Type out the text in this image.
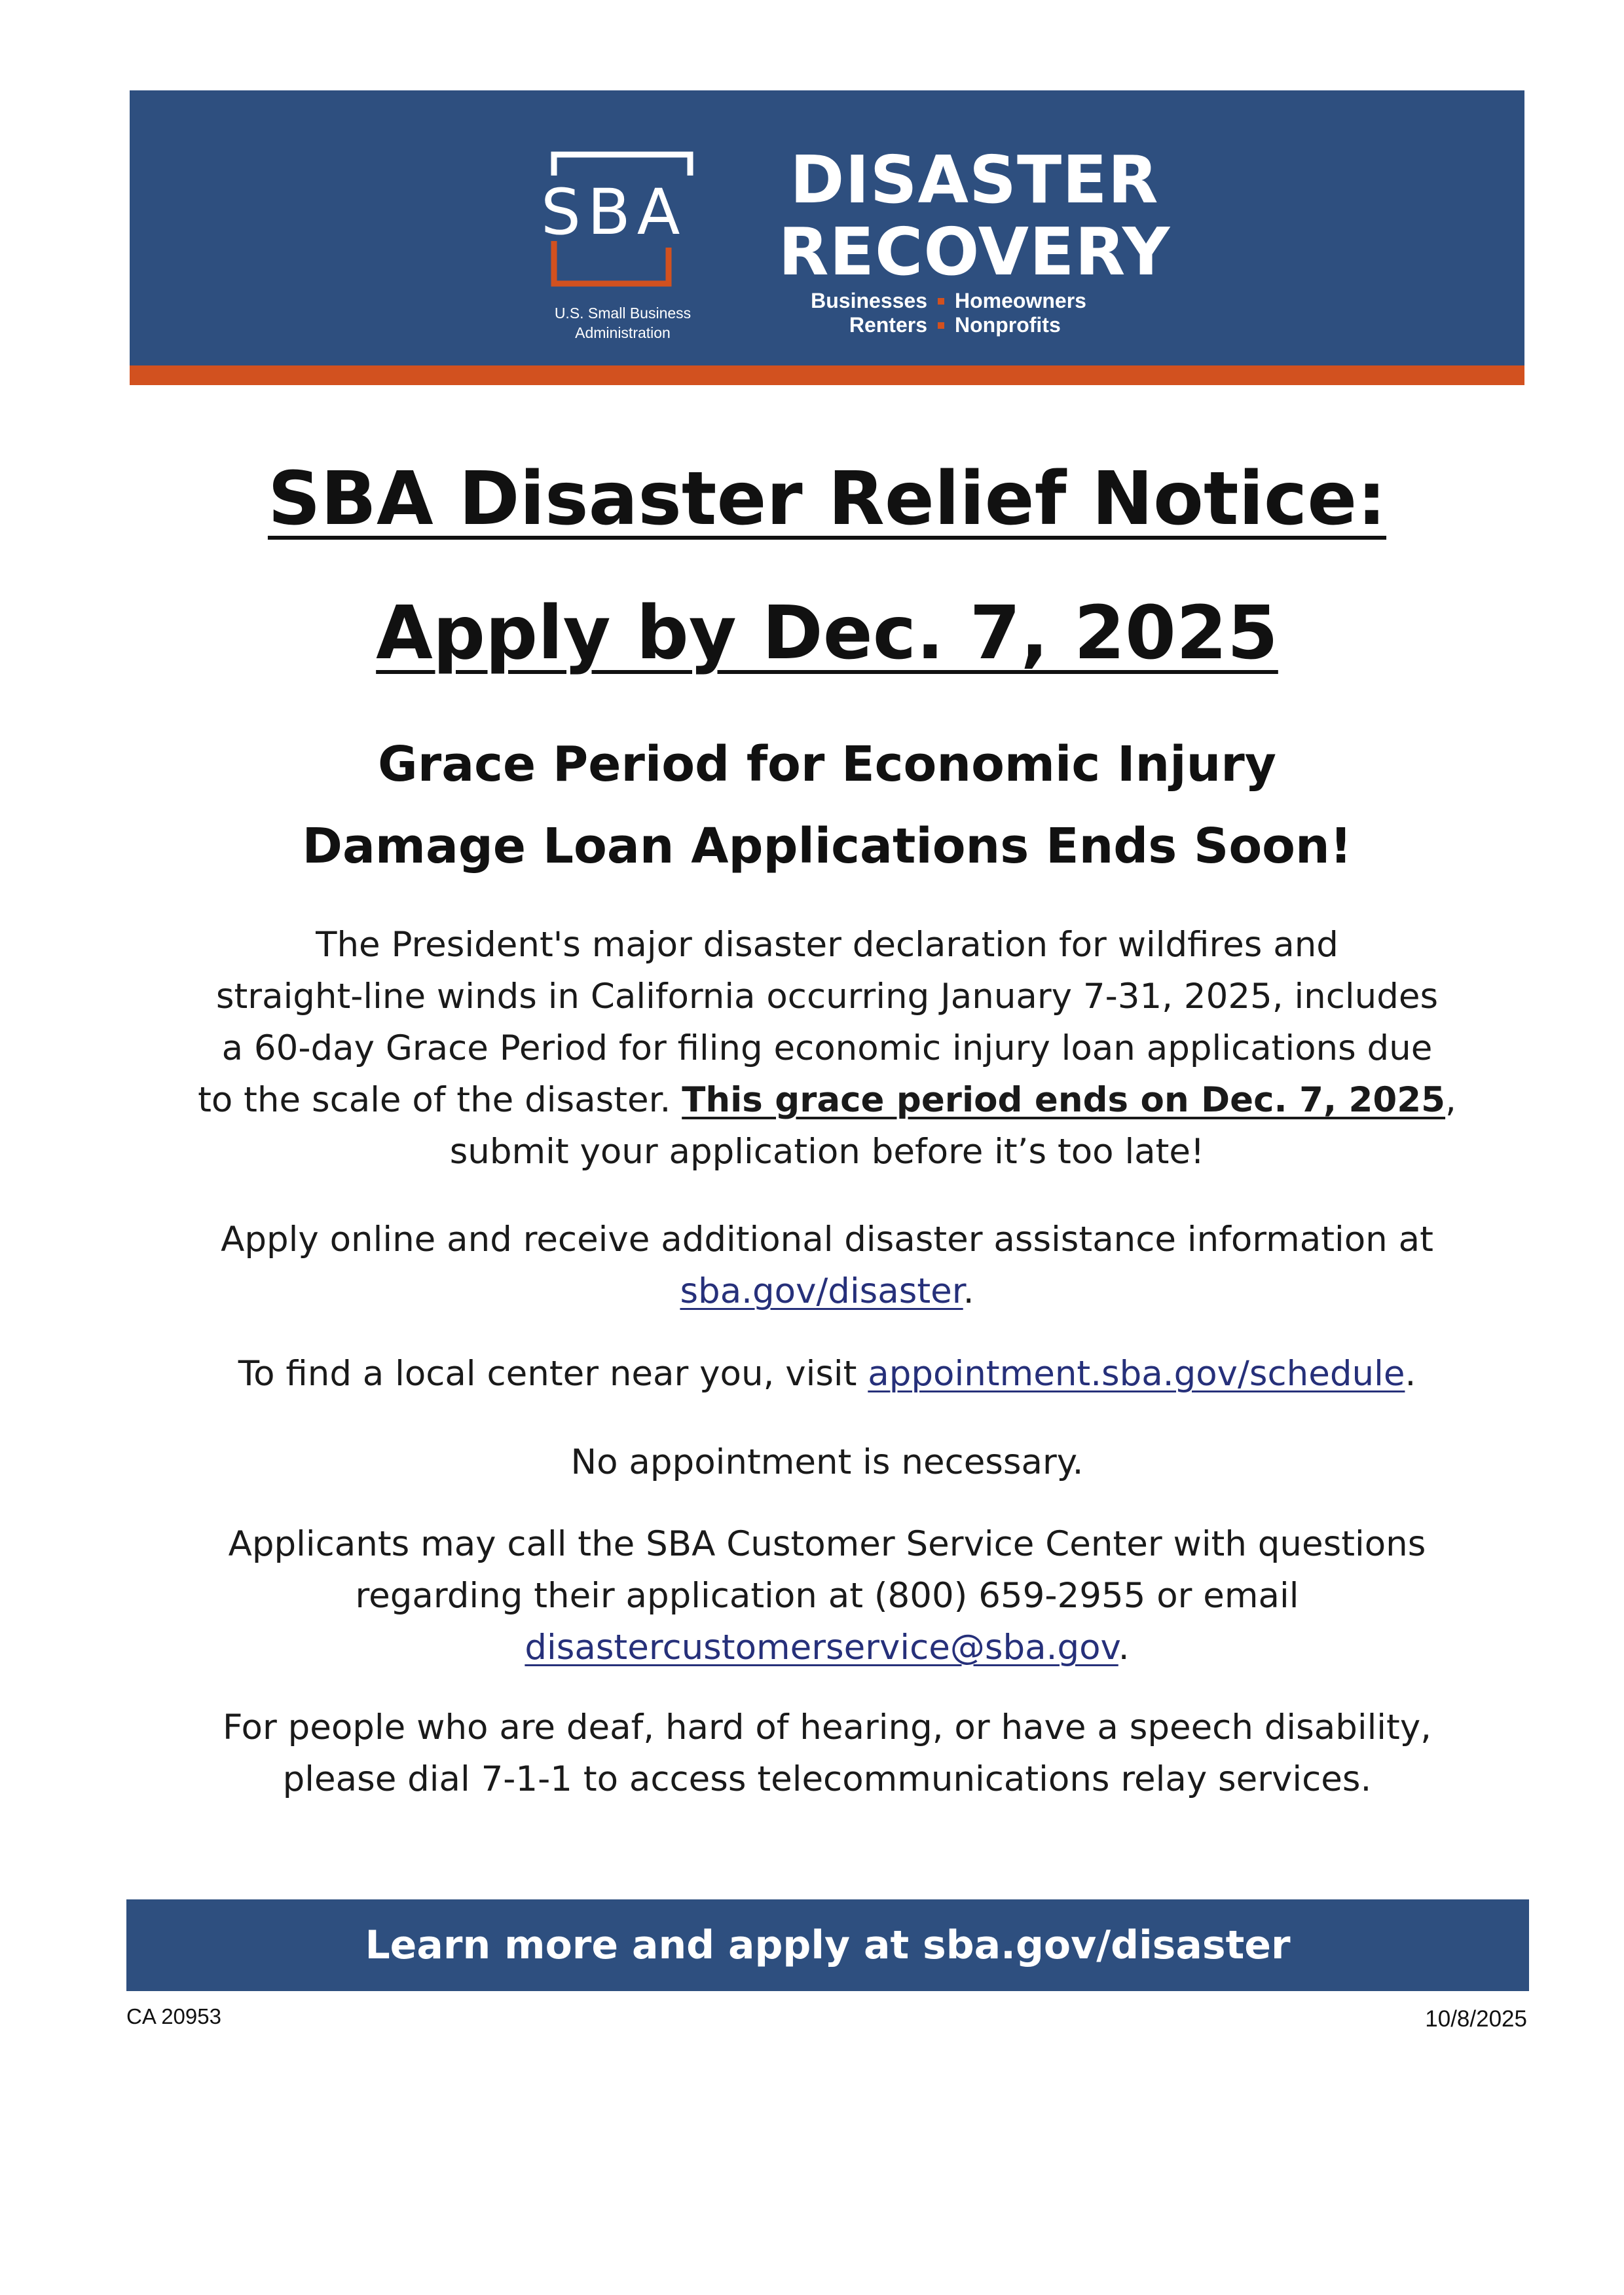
SBA
U.S. Small Business
Administration
DISASTER
RECOVERY
Businesses Homeowners
Renters Nonprofits
SBA Disaster Relief Notice:
Apply by Dec. 7, 2025
Grace Period for Economic Injury
Damage Loan Applications Ends Soon!
The President's major disaster declaration for wildfires and
straight-line winds in California occurring January 7-31, 2025, includes
a 60-day Grace Period for filing economic injury loan applications due
to the scale of the disaster. This grace period ends on Dec. 7, 2025,
submit your application before it’s too late!
Apply online and receive additional disaster assistance information at
sba.gov/disaster.
To find a local center near you, visit appointment.sba.gov/schedule.
No appointment is necessary.
Applicants may call the SBA Customer Service Center with questions
regarding their application at (800) 659-2955 or email
disastercustomerservice@sba.gov.
For people who are deaf, hard of hearing, or have a speech disability,
please dial 7-1-1 to access telecommunications relay services.
Learn more and apply at sba.gov/disaster
CA 20953	10/8/2025
